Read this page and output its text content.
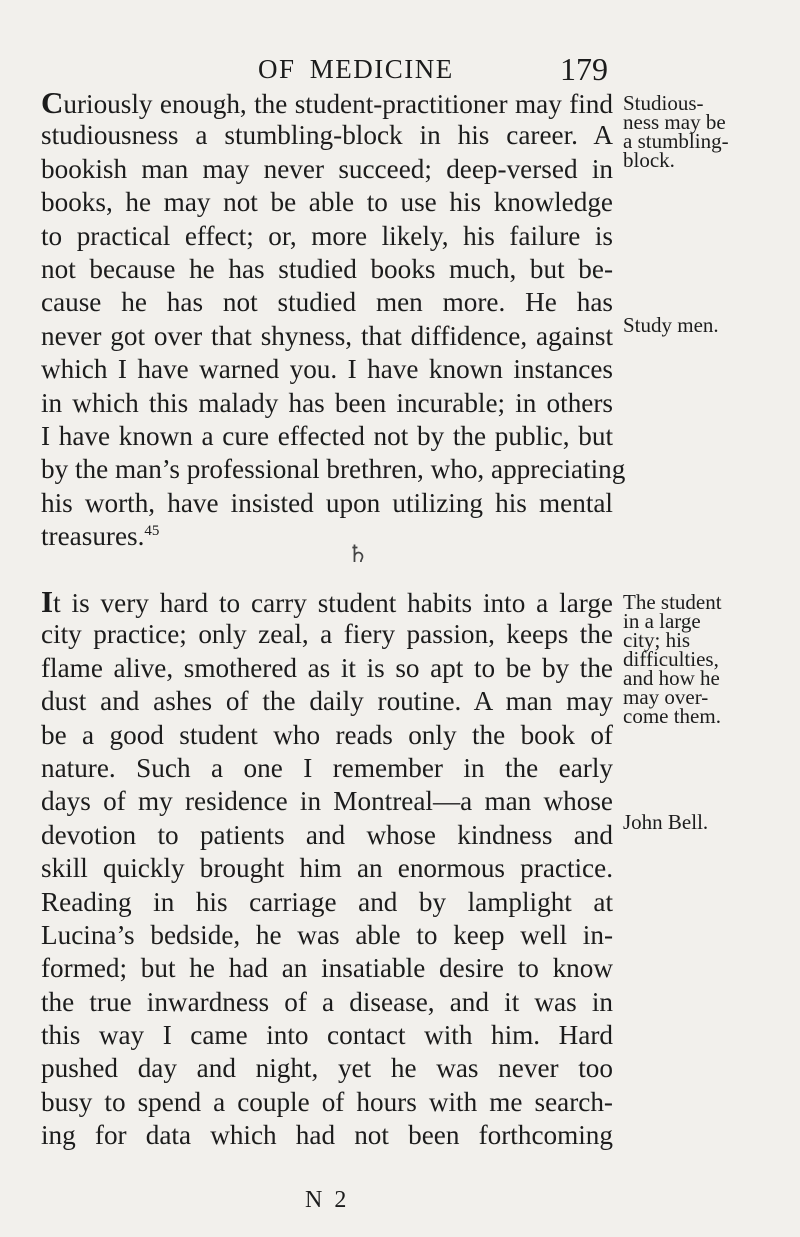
OF MEDICINE	179
Curiously enough, the student-practitioner may find
studiousness a stumbling-block in his career. A
bookish man may never succeed; deep-versed in
books, he may not be able to use his knowledge
to practical effect; or, more likely, his failure is
not because he has studied books much, but be-
cause he has not studied men more. He has
never got over that shyness, that diffidence, against
which I have warned you. I have known instances
in which this malady has been incurable; in others
I have known a cure effected not by the public, but
by the man’s professional brethren, who, appreciating
his worth, have insisted upon utilizing his mental
treasures.$^{45}$
♄
It is very hard to carry student habits into a large
city practice; only zeal, a fiery passion, keeps the
flame alive, smothered as it is so apt to be by the
dust and ashes of the daily routine. A man may
be a good student who reads only the book of
nature. Such a one I remember in the early
days of my residence in Montreal—a man whose
devotion to patients and whose kindness and
skill quickly brought him an enormous practice.
Reading in his carriage and by lamplight at
Lucina’s bedside, he was able to keep well in-
formed; but he had an insatiable desire to know
the true inwardness of a disease, and it was in
this way I came into contact with him. Hard
pushed day and night, yet he was never too
busy to spend a couple of hours with me search-
ing for data which had not been forthcoming
Studious-
ness may be
a stumbling-
block.
Study men.
The student
in a large
city; his
difficulties,
and how he
may over-
come them.
John Bell.
N 2
